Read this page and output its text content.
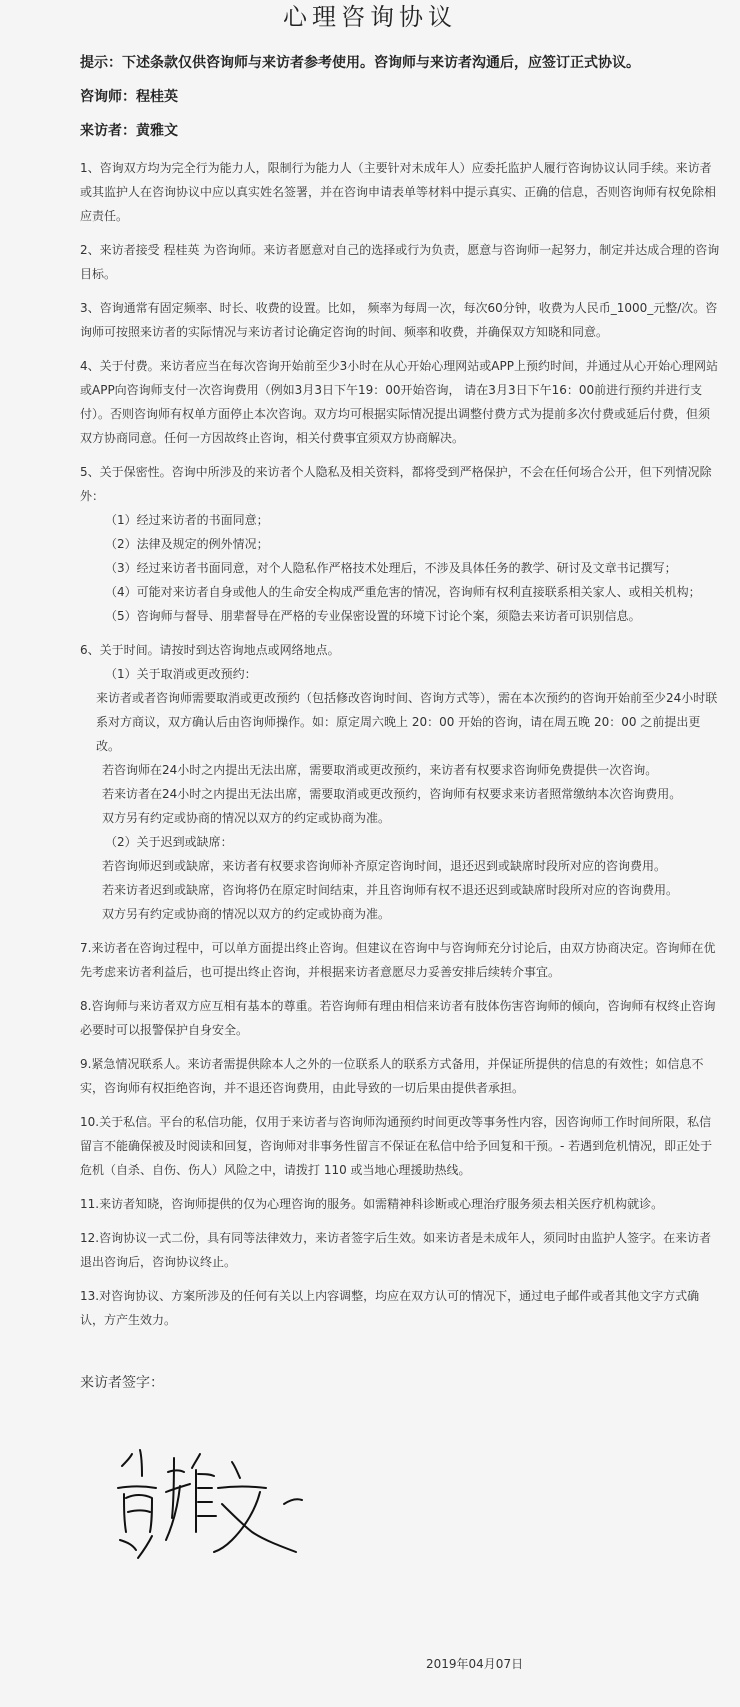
心理咨询协议
提示：下述条款仅供咨询师与来访者参考使用。咨询师与来访者沟通后，应签订正式协议。
咨询师：程桂英
来访者：黄雅文

1、咨询双方均为完全行为能力人，限制行为能力人（主要针对未成年人）应委托监护人履行咨询协议认同手续。来访者或其监护人在咨询协议中应以真实姓名签署，并在咨询申请表单等材料中提示真实、正确的信息，否则咨询师有权免除相应责任。

2、来访者接受 程桂英 为咨询师。来访者愿意对自己的选择或行为负责，愿意与咨询师一起努力，制定并达成合理的咨询目标。

3、咨询通常有固定频率、时长、收费的设置。比如， 频率为每周一次，每次60分钟，收费为人民币_1000_元整/次。咨询师可按照来访者的实际情况与来访者讨论确定咨询的时间、频率和收费，并确保双方知晓和同意。

4、关于付费。来访者应当在每次咨询开始前至少3小时在从心开始心理网站或APP上预约时间，并通过从心开始心理网站或APP向咨询师支付一次咨询费用（例如3月3日下午19：00开始咨询， 请在3月3日下午16：00前进行预约并进行支付）。否则咨询师有权单方面停止本次咨询。双方均可根据实际情况提出调整付费方式为提前多次付费或延后付费，但须双方协商同意。任何一方因故终止咨询，相关付费事宜须双方协商解决。

5、关于保密性。咨询中所涉及的来访者个人隐私及相关资料，都将受到严格保护，不会在任何场合公开，但下列情况除外：

（1）经过来访者的书面同意；

（2）法律及规定的例外情况；

（3）经过来访者书面同意，对个人隐私作严格技术处理后，不涉及具体任务的教学、研讨及文章书记撰写；

（4）可能对来访者自身或他人的生命安全构成严重危害的情况，咨询师有权利直接联系相关家人、或相关机构；

（5）咨询师与督导、朋辈督导在严格的专业保密设置的环境下讨论个案，须隐去来访者可识别信息。

6、关于时间。请按时到达咨询地点或网络地点。

（1）关于取消或更改预约：

来访者或者咨询师需要取消或更改预约（包括修改咨询时间、咨询方式等），需在本次预约的咨询开始前至少24小时联系对方商议，双方确认后由咨询师操作。如：原定周六晚上 20：00 开始的咨询，请在周五晚 20：00 之前提出更改。

若咨询师在24小时之内提出无法出席，需要取消或更改预约，来访者有权要求咨询师免费提供一次咨询。

若来访者在24小时之内提出无法出席，需要取消或更改预约，咨询师有权要求来访者照常缴纳本次咨询费用。

双方另有约定或协商的情况以双方的约定或协商为准。

（2）关于迟到或缺席：

若咨询师迟到或缺席，来访者有权要求咨询师补齐原定咨询时间，退还迟到或缺席时段所对应的咨询费用。

若来访者迟到或缺席，咨询将仍在原定时间结束，并且咨询师有权不退还迟到或缺席时段所对应的咨询费用。

双方另有约定或协商的情况以双方的约定或协商为准。

7.来访者在咨询过程中，可以单方面提出终止咨询。但建议在咨询中与咨询师充分讨论后，由双方协商决定。咨询师在优先考虑来访者利益后，也可提出终止咨询，并根据来访者意愿尽力妥善安排后续转介事宜。

8.咨询师与来访者双方应互相有基本的尊重。若咨询师有理由相信来访者有肢体伤害咨询师的倾向，咨询师有权终止咨询必要时可以报警保护自身安全。

9.紧急情况联系人。来访者需提供除本人之外的一位联系人的联系方式备用，并保证所提供的信息的有效性；如信息不实，咨询师有权拒绝咨询，并不退还咨询费用，由此导致的一切后果由提供者承担。

10.关于私信。平台的私信功能，仅用于来访者与咨询师沟通预约时间更改等事务性内容，因咨询师工作时间所限，私信留言不能确保被及时阅读和回复，咨询师对非事务性留言不保证在私信中给予回复和干预。- 若遇到危机情况，即正处于危机（自杀、自伤、伤人）风险之中，请拨打 110 或当地心理援助热线。

11.来访者知晓，咨询师提供的仅为心理咨询的服务。如需精神科诊断或心理治疗服务须去相关医疗机构就诊。

12.咨询协议一式二份，具有同等法律效力，来访者签字后生效。如来访者是未成年人，须同时由监护人签字。在来访者退出咨询后，咨询协议终止。

13.对咨询协议、方案所涉及的任何有关以上内容调整，均应在双方认可的情况下，通过电子邮件或者其他文字方式确认，方产生效力。

来访者签字：
2019年04月07日
